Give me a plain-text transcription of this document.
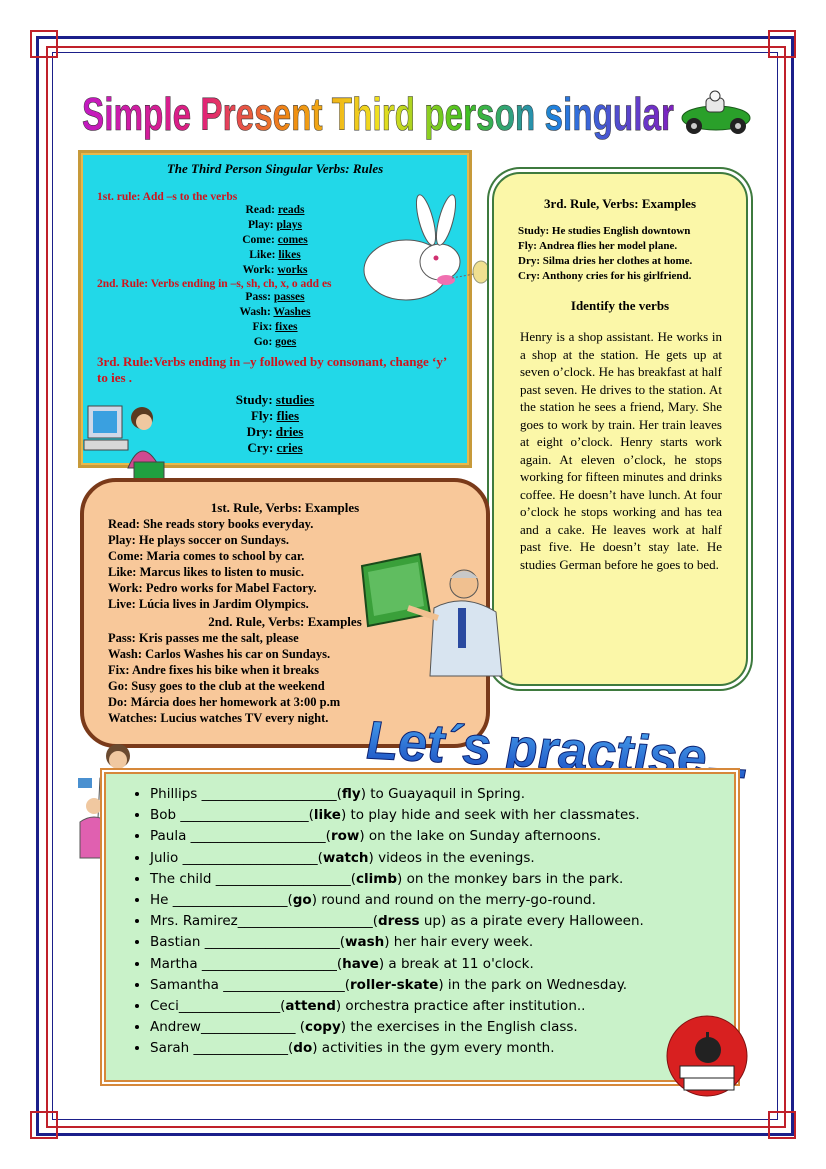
Simple Present Third person singular
The Third Person Singular Verbs: Rules
1st. rule: Add –s to the verbs
Read: reads
Play: plays
Come: comes
Like: likes
Work: works
2nd. Rule: Verbs ending in –s, sh, ch, x, o add es
Pass: passes
Wash: Washes
Fix: fixes
Go: goes
3rd. Rule:Verbs ending in –y followed by consonant, change ‘y’ to ies .
Study: studies
Fly: flies
Dry: dries
Cry: cries
3rd. Rule, Verbs: Examples
Study: He studies English downtown
Fly: Andrea flies her model plane.
Dry: Silma dries her clothes at home.
Cry: Anthony cries for his girlfriend.
Identify the verbs
Henry is a shop assistant. He works in a shop at the station. He gets up at seven o’clock. He has breakfast at half past seven. He drives to the station. At the station he sees a friend, Mary. She goes to work by train. Her train leaves at eight o’clock. Henry starts work again. At eleven o’clock, he stops working for fifteen minutes and drinks coffee. He doesn’t have lunch. At four o’clock he stops working and has tea and a cake. He leaves work at half past five. He doesn’t stay late. He studies German before he goes to bed.
1st. Rule, Verbs: Examples
Read: She reads story books everyday.
Play: He plays soccer on Sundays.
Come: Maria comes to school by car.
Like: Marcus likes to listen to music.
Work: Pedro works for Mabel Factory.
Live: Lúcia lives in Jardim Olympics.
2nd. Rule, Verbs: Examples
Pass: Kris passes me the salt, please
Wash: Carlos Washes his car on Sundays.
Fix: Andre fixes his bike when it breaks
Go: Susy goes to the club at the weekend
Do: Márcia does her homework at 3:00 p.m
Watches: Lucius watches TV every night. Let´s practise...
• Phillips ____________________(fly) to Guayaquil in Spring.
• Bob ___________________(like) to play hide and seek with her classmates.
• Paula ____________________(row) on the lake on Sunday afternoons.
• Julio ____________________(watch) videos in the evenings.
• The child ____________________(climb) on the monkey bars in the park.
• He _________________(go) round and round on the merry-go-round.
• Mrs. Ramirez____________________(dress up) as a pirate every Halloween.
• Bastian ____________________(wash) her hair every week.
• Martha ____________________(have) a break at 11 o'clock.
• Samantha __________________(roller-skate) in the park on Wednesday.
• Ceci_______________(attend) orchestra practice after institution..
• Andrew______________ (copy) the exercises in the English class.
• Sarah ______________(do) activities in the gym every month.
